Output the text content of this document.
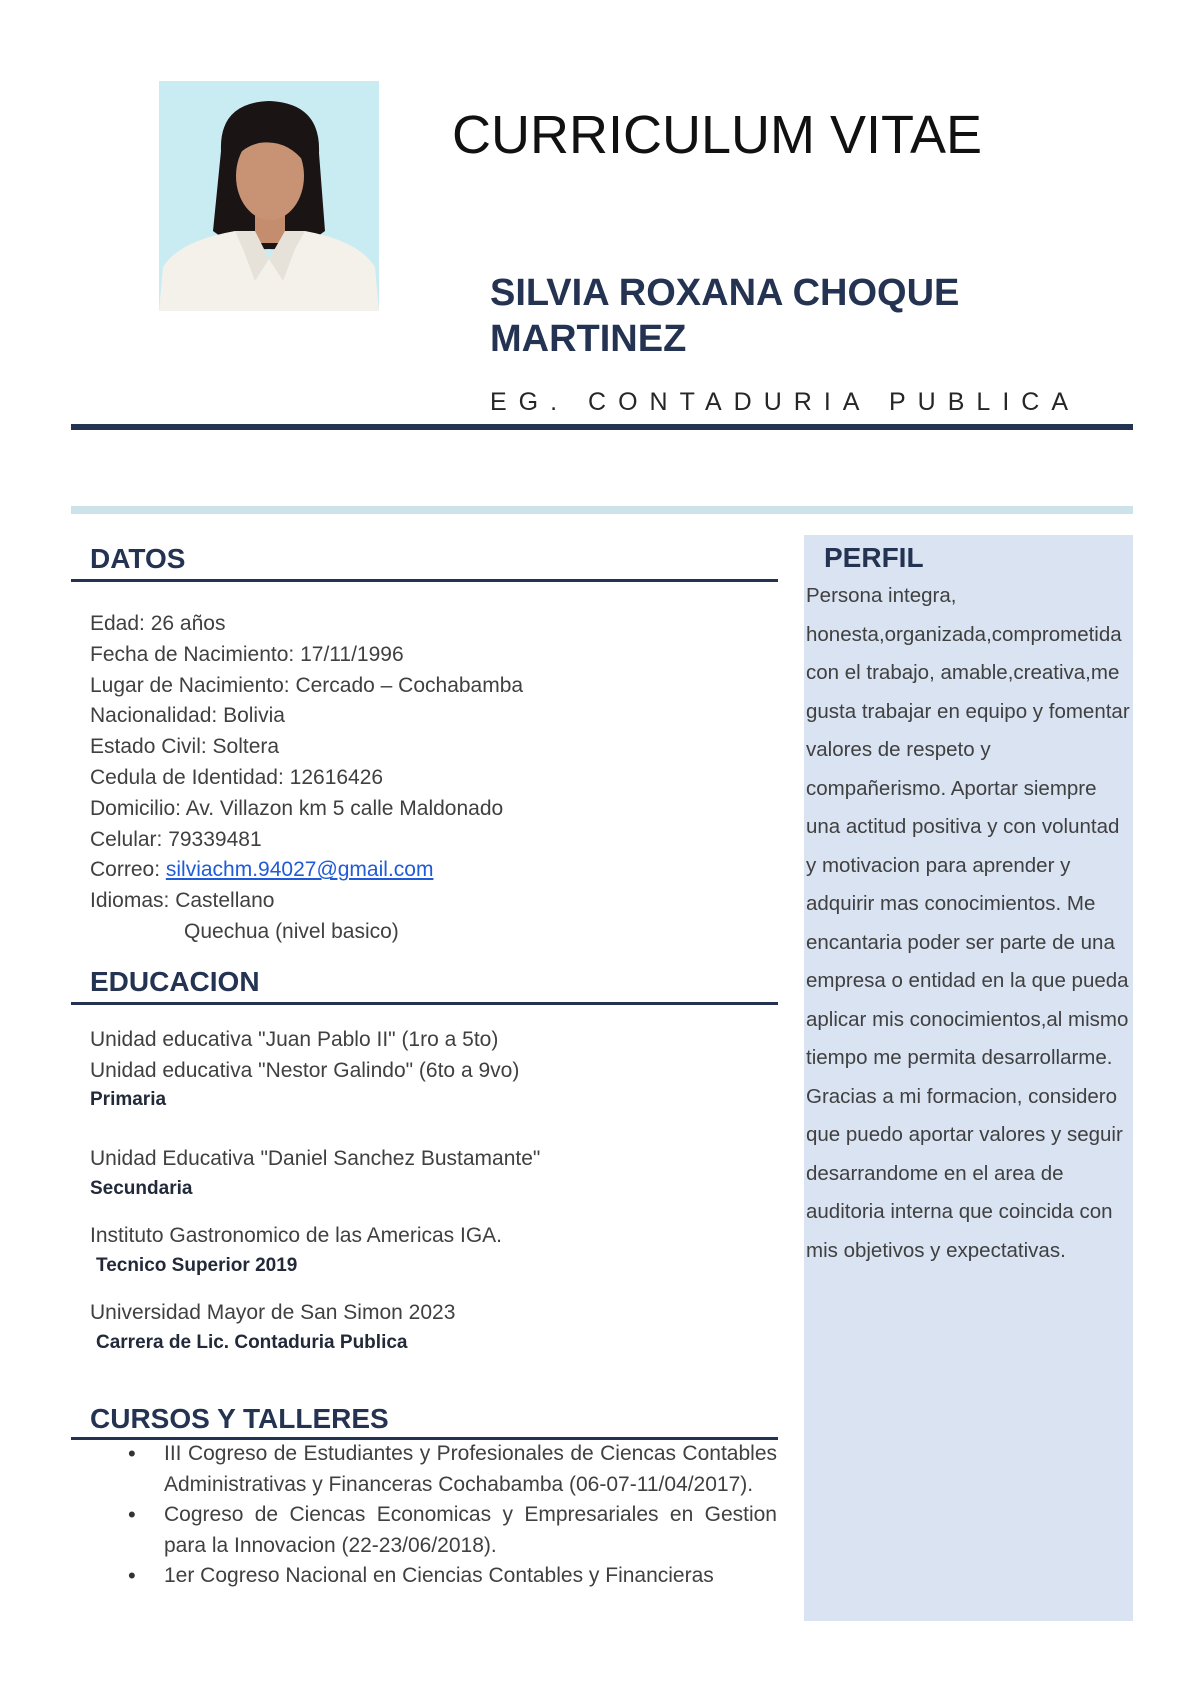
CURRICULUM VITAE
SILVIA ROXANA CHOQUE MARTINEZ
EG. CONTADURIA PUBLICA
DATOS
Edad: 26 años
Fecha de Nacimiento: 17/11/1996
Lugar de Nacimiento: Cercado – Cochabamba
Nacionalidad: Bolivia
Estado Civil: Soltera
Cedula de Identidad: 12616426
Domicilio: Av. Villazon km 5 calle Maldonado
Celular: 79339481
Correo: silviachm.94027@gmail.com
Idiomas: Castellano
Quechua (nivel basico)
EDUCACION
Unidad educativa "Juan Pablo II" (1ro a 5to)
Unidad educativa "Nestor Galindo" (6to a 9vo)
Primaria
Unidad Educativa "Daniel Sanchez Bustamante"
Secundaria
Instituto Gastronomico de las Americas IGA.
Tecnico Superior 2019
Universidad Mayor de San Simon 2023
Carrera de Lic. Contaduria Publica
CURSOS Y TALLERES
• III Cogreso de Estudiantes y Profesionales de Ciencas Contables Administrativas y Financeras Cochabamba (06-07-11/04/2017).
• Cogreso de Ciencas Economicas y Empresariales en Gestion para la Innovacion (22-23/06/2018).
• 1er Cogreso Nacional en Ciencias Contables y Financieras
PERFIL
Persona integra, honesta,organizada,comprometida con el trabajo, amable,creativa,me gusta trabajar en equipo y fomentar valores de respeto y compañerismo. Aportar siempre una actitud positiva y con voluntad y motivacion para aprender y adquirir mas conocimientos. Me encantaria poder ser parte de una empresa o entidad en la que pueda aplicar mis conocimientos,al mismo tiempo me permita desarrollarme. Gracias a mi formacion, considero que puedo aportar valores y seguir desarrandome en el area de auditoria interna que coincida con mis objetivos y expectativas.
